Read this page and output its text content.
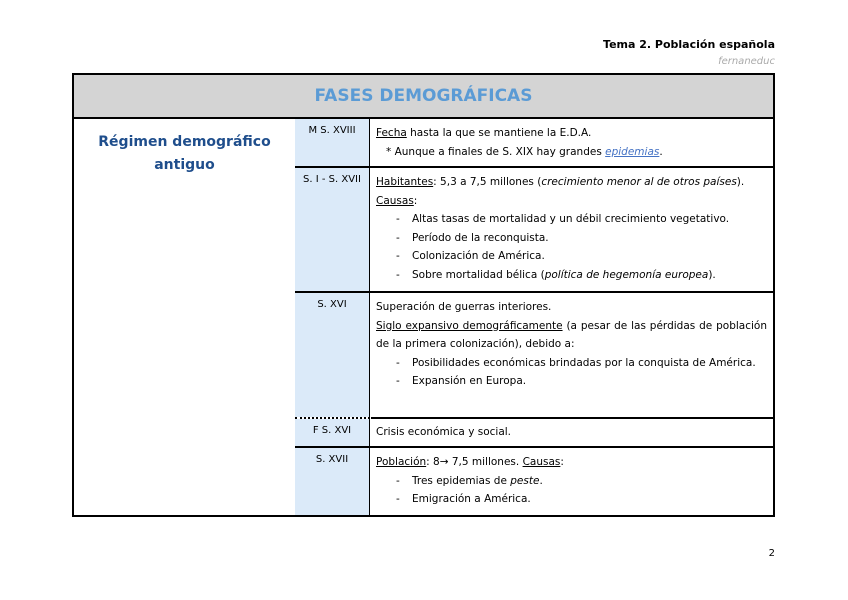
Tema 2. Población española
fernaneduc
FASES DEMOGRÁFICAS
Régimen demográfico
antiguo
M S. XVIII	Fecha hasta la que se mantiene la E.D.A.
* Aunque a finales de S. XIX hay grandes epidemias.
S. I - S. XVII	Habitantes: 5,3 a 7,5 millones (crecimiento menor al de otros países).
Causas:
- Altas tasas de mortalidad y un débil crecimiento vegetativo.
- Período de la reconquista.
- Colonización de América.
- Sobre mortalidad bélica (política de hegemonía europea).
S. XVI	Superación de guerras interiores.
Siglo expansivo demográficamente (a pesar de las pérdidas de población de la primera colonización), debido a:
- Posibilidades económicas brindadas por la conquista de América.
- Expansión en Europa.
F S. XVI	Crisis económica y social.
S. XVII	Población: 8→ 7,5 millones. Causas:
- Tres epidemias de peste.
- Emigración a América.
2
